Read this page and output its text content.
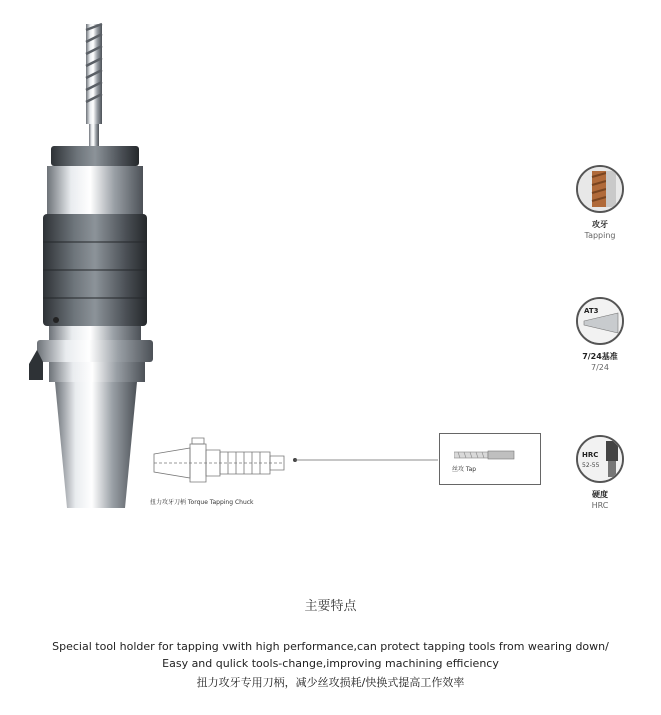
扭力攻牙刀柄 Torque Tapping Chuck
丝攻 Tap
攻牙
Tapping
AT3
7/24基准
7/24
HRC
52-55
硬度
HRC
主要特点
Special tool holder for tapping vwith high performance,can protect tapping tools from wearing down/
Easy and qulick tools-change,improving machining efficiency
扭力攻牙专用刀柄，减少丝攻损耗/快换式提高工作效率
